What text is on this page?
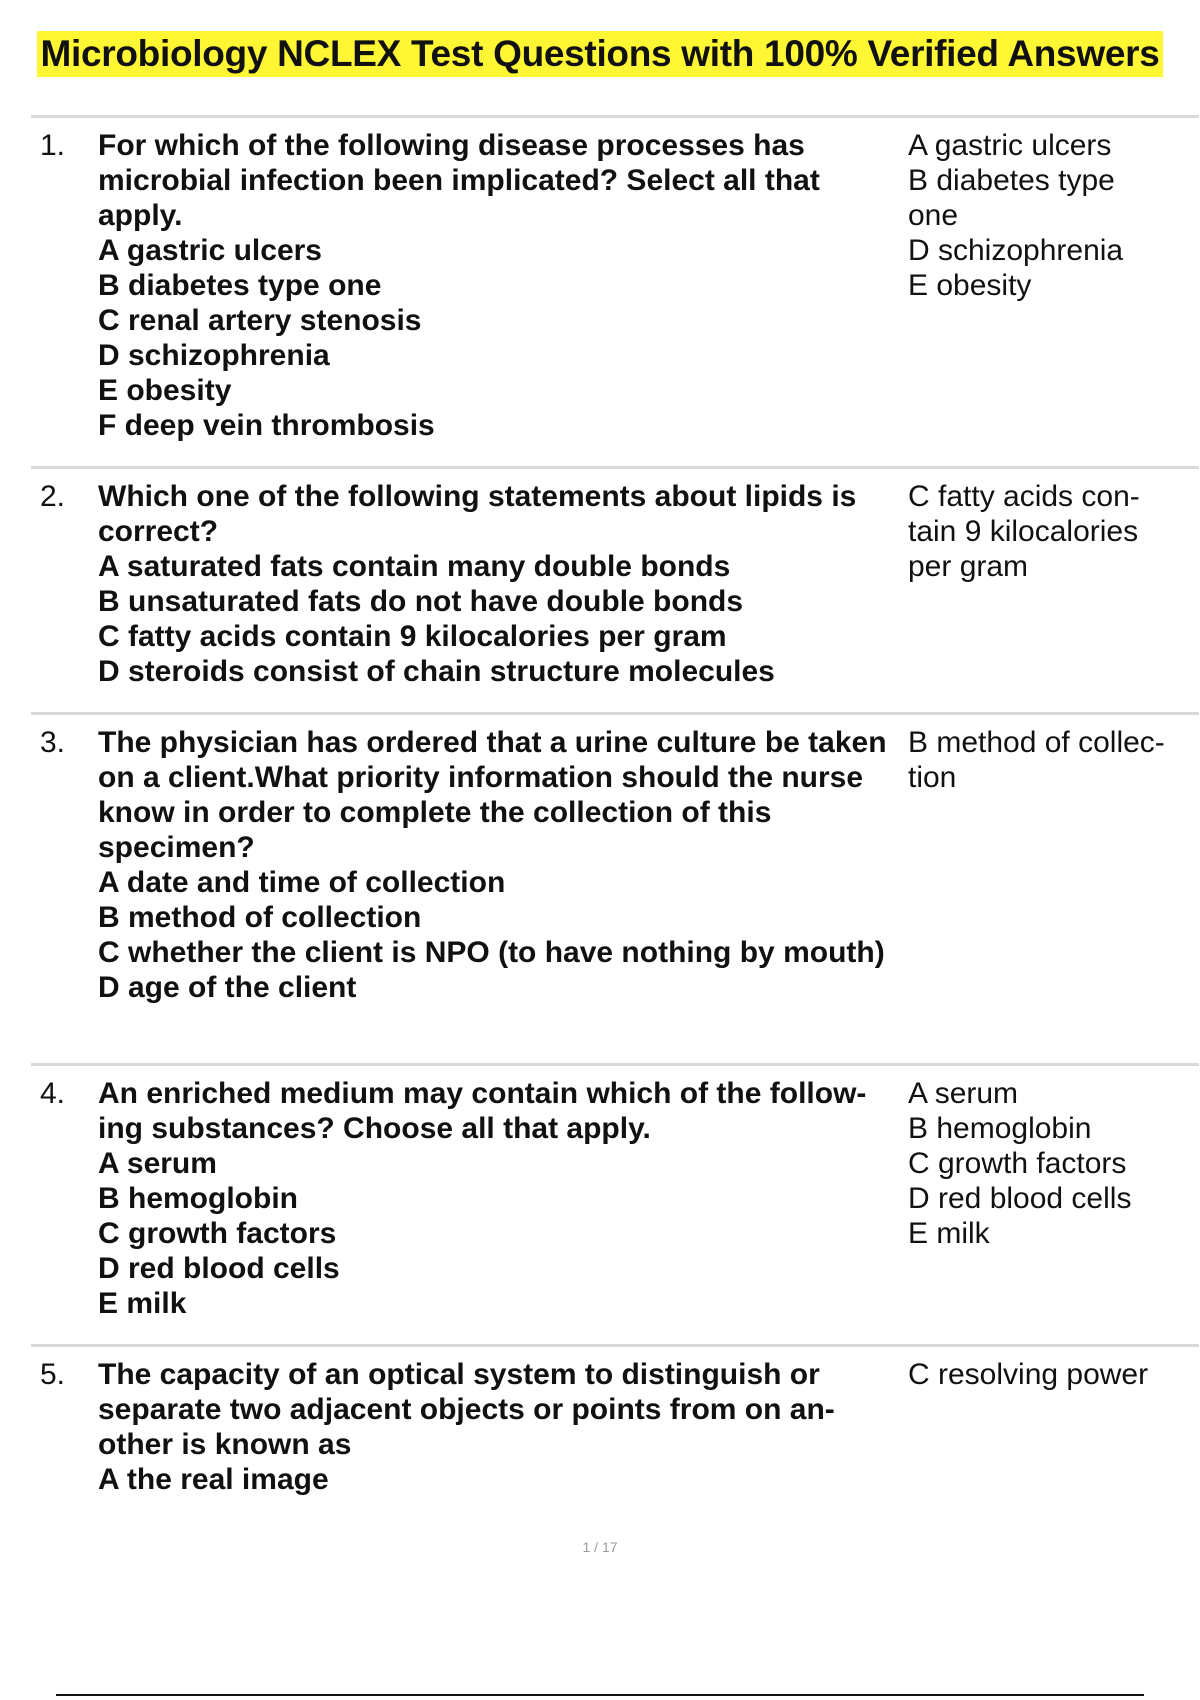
Microbiology NCLEX Test Questions with 100% Verified Answers
1. For which of the following disease processes has microbial infection been implicated? Select all that apply.
A gastric ulcers
B diabetes type one
C renal artery stenosis
D schizophrenia
E obesity
F deep vein thrombosis
A gastric ulcers
B diabetes type
one
D schizophrenia
E obesity
2. Which one of the following statements about lipids is correct?
A saturated fats contain many double bonds
B unsaturated fats do not have double bonds
C fatty acids contain 9 kilocalories per gram
D steroids consist of chain structure molecules
C fatty acids con-
tain 9 kilocalories
per gram
3. The physician has ordered that a urine culture be taken on a client.What priority information should the nurse know in order to complete the collection of this specimen?
A date and time of collection
B method of collection
C whether the client is NPO (to have nothing by mouth)
D age of the client
B method of collec-
tion
4. An enriched medium may contain which of the follow- ing substances? Choose all that apply.
A serum
B hemoglobin
C growth factors
D red blood cells
E milk
A serum
B hemoglobin
C growth factors
D red blood cells
E milk
5. The capacity of an optical system to distinguish or separate two adjacent objects or points from on an- other is known as
A the real image
C resolving power
1 / 17
